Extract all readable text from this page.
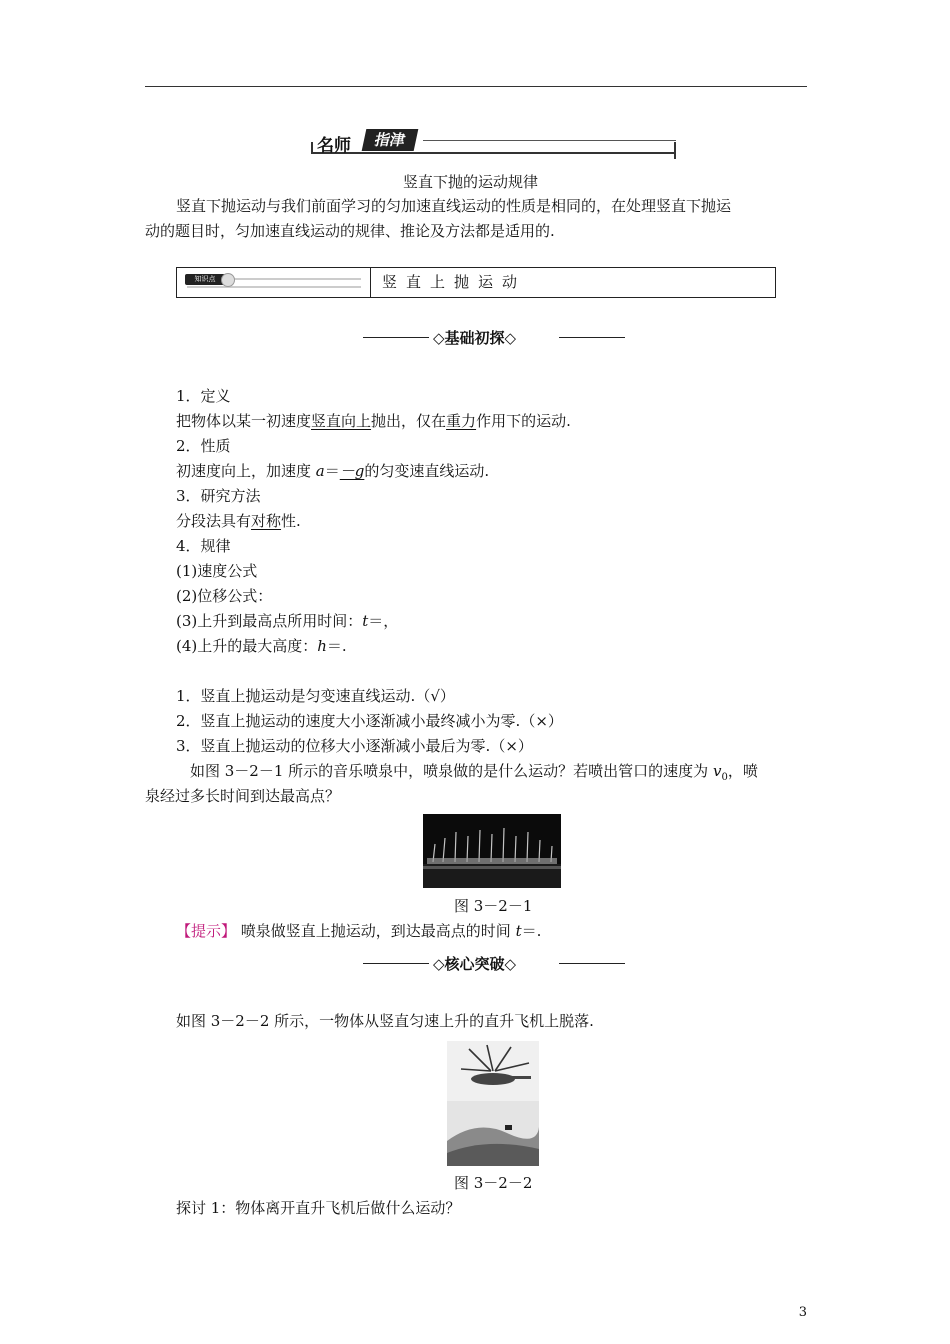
名师	指津
竖直下抛的运动规律
竖直下抛运动与我们前面学习的匀加速直线运动的性质是相同的，在处理竖直下抛运
动的题目时，匀加速直线运动的规律、推论及方法都是适用的.
知识点	竖直上抛运动
◇基础初探◇
1．定义
把物体以某一初速度竖直向上抛出，仅在重力作用下的运动.
2．性质
初速度向上，加速度 a＝－g的匀变速直线运动.
3．研究方法
分段法具有对称性.
4．规律
(1)速度公式
(2)位移公式：
(3)上升到最高点所用时间：t＝，
(4)上升的最大高度：h＝.
1．竖直上抛运动是匀变速直线运动.（√）
2．竖直上抛运动的速度大小逐渐减小最终减小为零.（×）
3．竖直上抛运动的位移大小逐渐减小最后为零.（×）
如图 3－2－1 所示的音乐喷泉中，喷泉做的是什么运动？若喷出管口的速度为 $v_0$，喷
泉经过多长时间到达最高点？
图 3－2－1
【提示】 喷泉做竖直上抛运动，到达最高点的时间 t＝.
◇核心突破◇
如图 3－2－2 所示，一物体从竖直匀速上升的直升飞机上脱落.
图 3－2－2
探讨 1：物体离开直升飞机后做什么运动？
3
